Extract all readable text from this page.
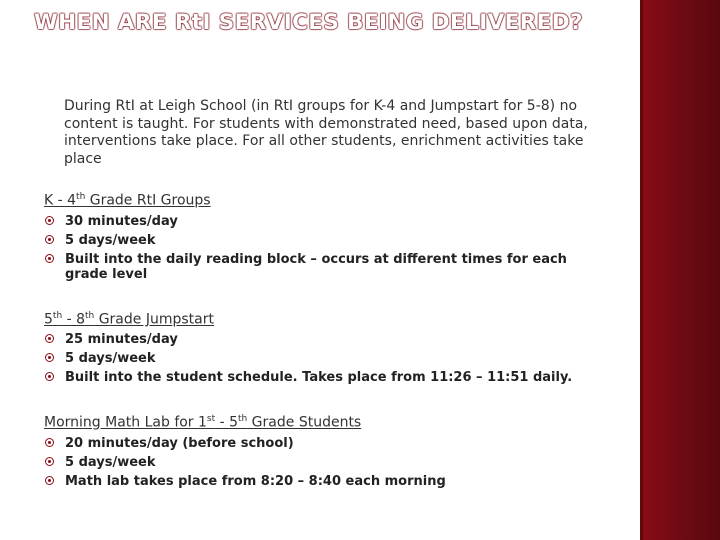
WHEN ARE RtI SERVICES BEING DELIVERED?
During RtI at Leigh School (in RtI groups for K-4 and Jumpstart for 5-8) no content is taught. For students with demonstrated need, based upon data, interventions take place. For all other students, enrichment activities take place
K - 4th Grade RtI Groups
30 minutes/day
5 days/week
Built into the daily reading block – occurs at different times for each grade level
5th - 8th Grade Jumpstart
25 minutes/day
5 days/week
Built into the student schedule. Takes place from 11:26 – 11:51 daily.
Morning Math Lab for 1st - 5th Grade Students
20 minutes/day (before school)
5 days/week
Math lab takes place from 8:20 – 8:40 each morning
